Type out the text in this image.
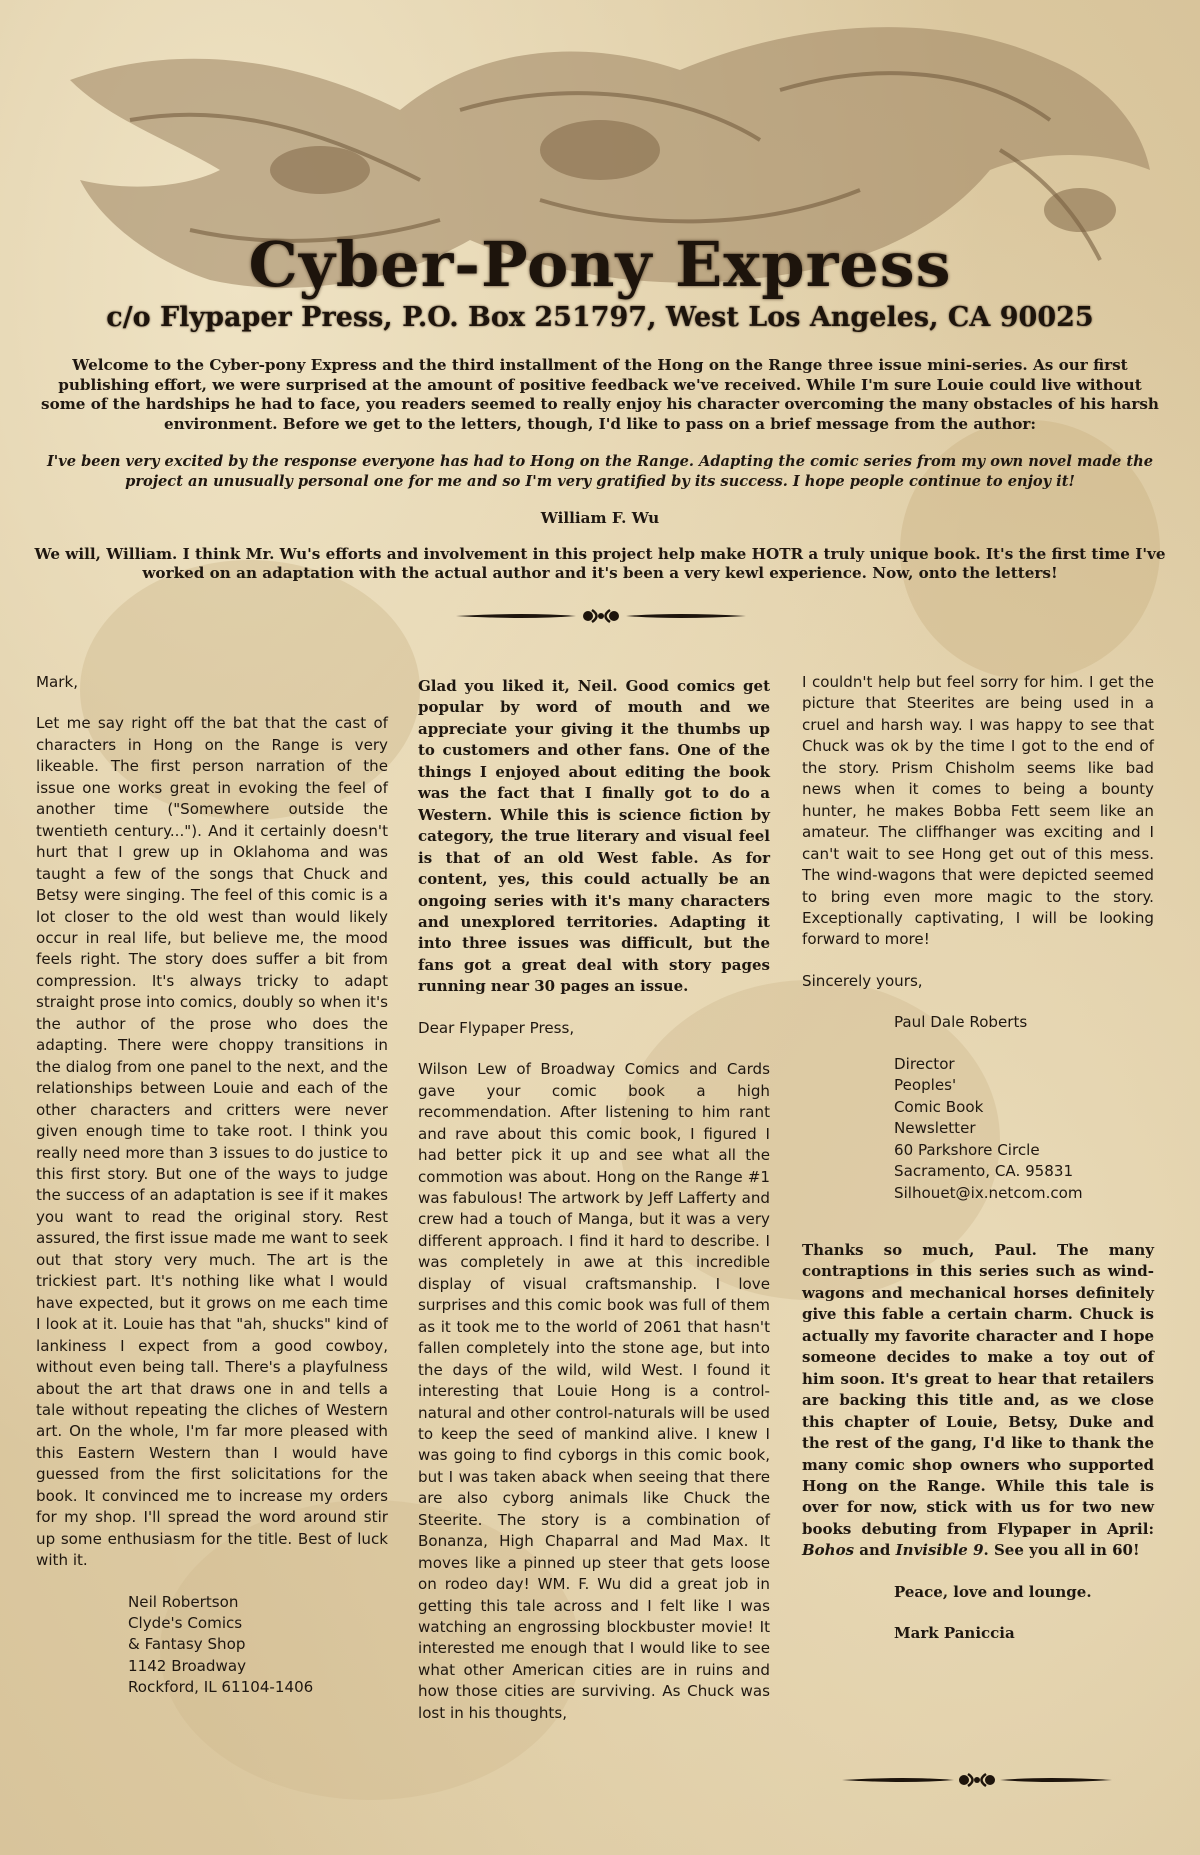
Cyber-Pony Express
c/o Flypaper Press, P.O. Box 251797, West Los Angeles, CA 90025

Welcome to the Cyber-pony Express and the third installment of the Hong on the Range three issue mini-series. As our first publishing effort, we were surprised at the amount of positive feedback we've received. While I'm sure Louie could live without some of the hardships he had to face, you readers seemed to really enjoy his character overcoming the many obstacles of his harsh environment. Before we get to the letters, though, I'd like to pass on a brief message from the author:

I've been very excited by the response everyone has had to Hong on the Range. Adapting the comic series from my own novel made the project an unusually personal one for me and so I'm very gratified by its success. I hope people continue to enjoy it!

William F. Wu

We will, William. I think Mr. Wu's efforts and involvement in this project help make HOTR a truly unique book. It's the first time I've worked on an adaptation with the actual author and it's been a very kewl experience. Now, onto the letters!

Mark,

Let me say right off the bat that the cast of characters in Hong on the Range is very likeable. The first person narration of the issue one works great in evoking the feel of another time ("Somewhere outside the twentieth century..."). And it certainly doesn't hurt that I grew up in Oklahoma and was taught a few of the songs that Chuck and Betsy were singing. The feel of this comic is a lot closer to the old west than would likely occur in real life, but believe me, the mood feels right. The story does suffer a bit from compression. It's always tricky to adapt straight prose into comics, doubly so when it's the author of the prose who does the adapting. There were choppy transitions in the dialog from one panel to the next, and the relationships between Louie and each of the other characters and critters were never given enough time to take root. I think you really need more than 3 issues to do justice to this first story. But one of the ways to judge the success of an adaptation is see if it makes you want to read the original story. Rest assured, the first issue made me want to seek out that story very much. The art is the trickiest part. It's nothing like what I would have expected, but it grows on me each time I look at it. Louie has that "ah, shucks" kind of lankiness I expect from a good cowboy, without even being tall. There's a playfulness about the art that draws one in and tells a tale without repeating the cliches of Western art. On the whole, I'm far more pleased with this Eastern Western than I would have guessed from the first solicitations for the book. It convinced me to increase my orders for my shop. I'll spread the word around stir up some enthusiasm for the title. Best of luck with it.

Neil Robertson
Clyde's Comics
& Fantasy Shop
1142 Broadway
Rockford, IL 61104-1406

Glad you liked it, Neil. Good comics get popular by word of mouth and we appreciate your giving it the thumbs up to customers and other fans. One of the things I enjoyed about editing the book was the fact that I finally got to do a Western. While this is science fiction by category, the true literary and visual feel is that of an old West fable. As for content, yes, this could actually be an ongoing series with it's many characters and unexplored territories. Adapting it into three issues was difficult, but the fans got a great deal with story pages running near 30 pages an issue.

Dear Flypaper Press,

Wilson Lew of Broadway Comics and Cards gave your comic book a high recommendation. After listening to him rant and rave about this comic book, I figured I had better pick it up and see what all the commotion was about. Hong on the Range #1 was fabulous! The artwork by Jeff Lafferty and crew had a touch of Manga, but it was a very different approach. I find it hard to describe. I was completely in awe at this incredible display of visual craftsmanship. I love surprises and this comic book was full of them as it took me to the world of 2061 that hasn't fallen completely into the stone age, but into the days of the wild, wild West. I found it interesting that Louie Hong is a control-natural and other control-naturals will be used to keep the seed of mankind alive. I knew I was going to find cyborgs in this comic book, but I was taken aback when seeing that there are also cyborg animals like Chuck the Steerite. The story is a combination of Bonanza, High Chaparral and Mad Max. It moves like a pinned up steer that gets loose on rodeo day! WM. F. Wu did a great job in getting this tale across and I felt like I was watching an engrossing blockbuster movie! It interested me enough that I would like to see what other American cities are in ruins and how those cities are surviving. As Chuck was lost in his thoughts,

I couldn't help but feel sorry for him. I get the picture that Steerites are being used in a cruel and harsh way. I was happy to see that Chuck was ok by the time I got to the end of the story. Prism Chisholm seems like bad news when it comes to being a bounty hunter, he makes Bobba Fett seem like an amateur. The cliffhanger was exciting and I can't wait to see Hong get out of this mess. The wind-wagons that were depicted seemed to bring even more magic to the story. Exceptionally captivating, I will be looking forward to more!

Sincerely yours,

Paul Dale Roberts
Director
Peoples'
Comic Book
Newsletter
60 Parkshore Circle
Sacramento, CA. 95831
Silhouet@ix.netcom.com

Thanks so much, Paul. The many contraptions in this series such as wind-wagons and mechanical horses definitely give this fable a certain charm. Chuck is actually my favorite character and I hope someone decides to make a toy out of him soon. It's great to hear that retailers are backing this title and, as we close this chapter of Louie, Betsy, Duke and the rest of the gang, I'd like to thank the many comic shop owners who supported Hong on the Range. While this tale is over for now, stick with us for two new books debuting from Flypaper in April: Bohos and Invisible 9. See you all in 60!

Peace, love and lounge.

Mark Paniccia
